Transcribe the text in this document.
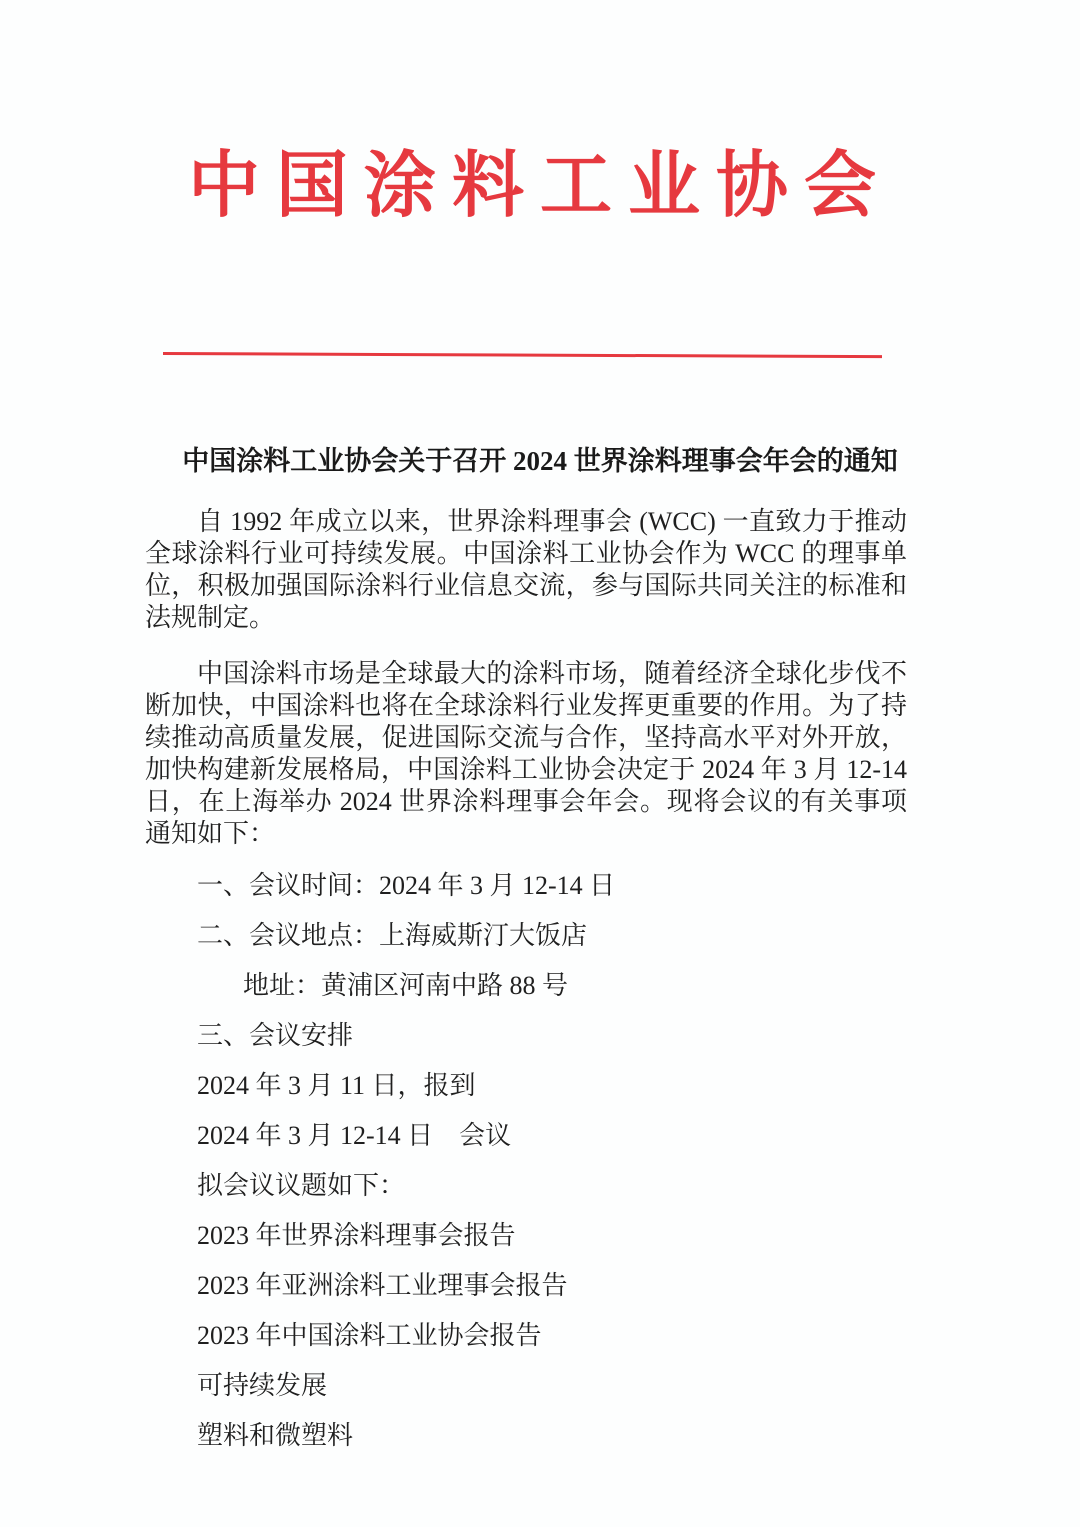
中国涂料工业协会
中国涂料工业协会关于召开 2024 世界涂料理事会年会的通知

自 1992 年成立以来，世界涂料理事会 (WCC) 一直致力于推动全球涂料行业可持续发展。中国涂料工业协会作为 WCC 的理事单位，积极加强国际涂料行业信息交流，参与国际共同关注的标准和法规制定。

中国涂料市场是全球最大的涂料市场，随着经济全球化步伐不断加快，中国涂料也将在全球涂料行业发挥更重要的作用。为了持续推动高质量发展，促进国际交流与合作，坚持高水平对外开放，加快构建新发展格局，中国涂料工业协会决定于 2024 年 3 月 12-14 日，在上海举办 2024 世界涂料理事会年会。现将会议的有关事项通知如下：

一、会议时间：2024 年 3 月 12-14 日
二、会议地点：上海威斯汀大饭店
地址：黄浦区河南中路 88 号
三、会议安排
2024 年 3 月 11 日，报到
2024 年 3 月 12-14 日　会议
拟会议议题如下：
2023 年世界涂料理事会报告
2023 年亚洲涂料工业理事会报告
2023 年中国涂料工业协会报告
可持续发展
塑料和微塑料
